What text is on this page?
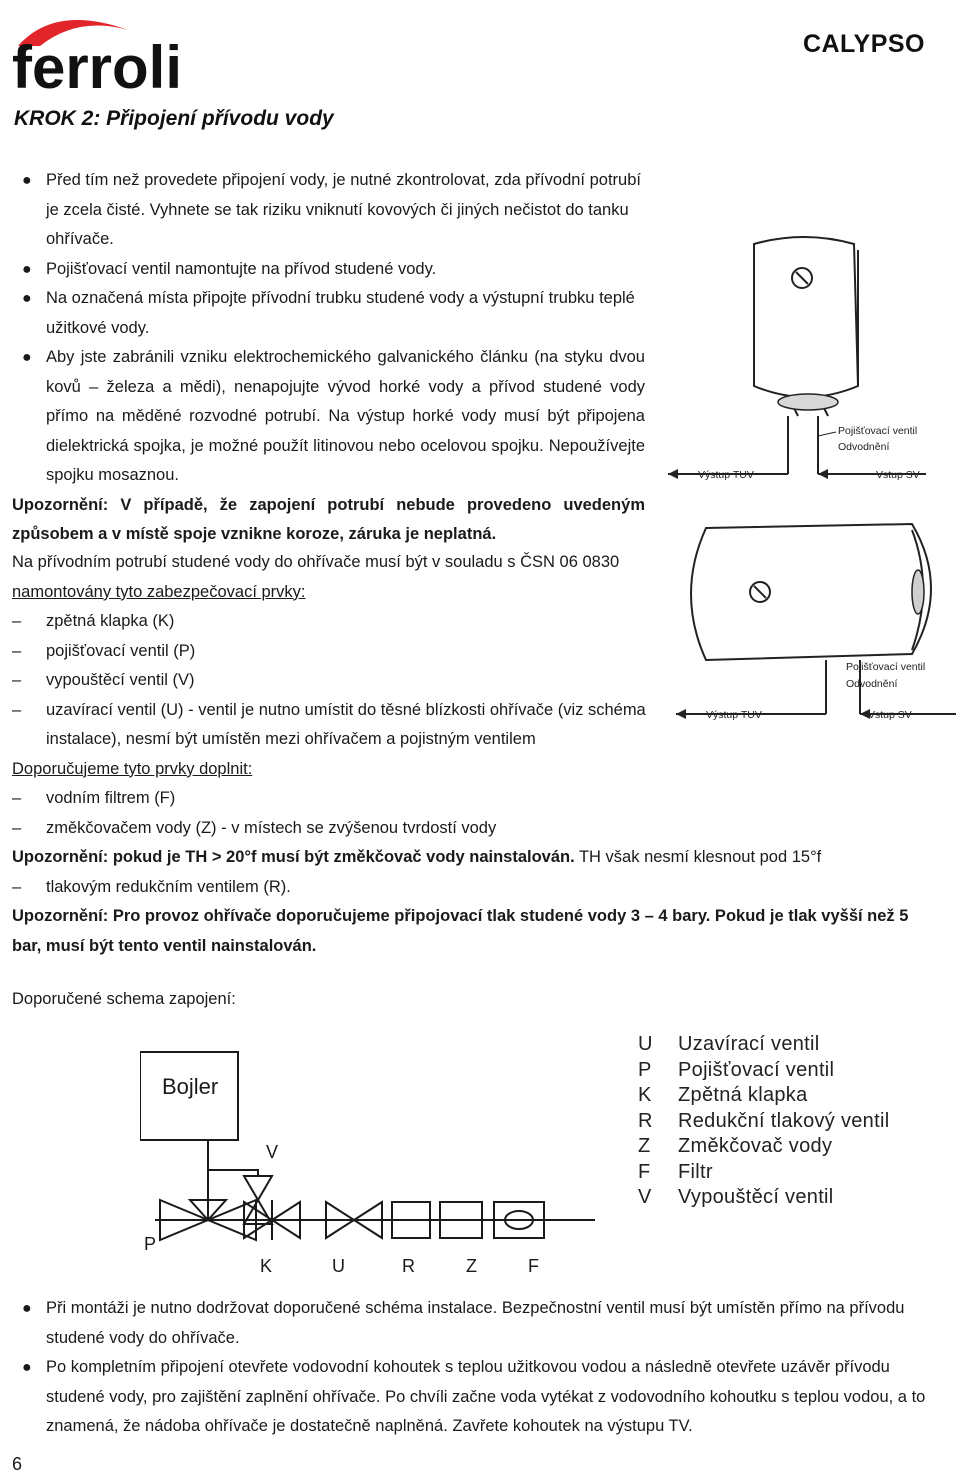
ferroli	CALYPSO
KROK 2: Připojení přívodu vody
● Před tím než provedete připojení vody, je nutné zkontrolovat, zda přívodní potrubí je zcela čisté. Vyhnete se tak riziku vniknutí kovových či jiných nečistot do tanku ohřívače.
● Pojišťovací ventil namontujte na přívod studené vody.
● Na označená místa připojte přívodní trubku studené vody a výstupní trubku teplé užitkové vody.
● Aby jste zabránili vzniku elektrochemického galvanického článku (na styku dvou kovů – železa a mědi), nenapojujte vývod horké vody a přívod studené vody přímo na měděné rozvodné potrubí. Na výstup horké vody musí být připojena dielektrická spojka, je možné použít litinovou nebo ocelovou spojku. Nepoužívejte spojku mosaznou.
Upozornění: V případě, že zapojení potrubí nebude provedeno uvedeným způsobem a v místě spoje vznikne koroze, záruka je neplatná.
Pojišťovací ventil
Odvodnění
Výstup TUV	Vstup SV
Pojišťovací ventil
Odvodnění
Výstup TUV	Vstup SV
Na přívodním potrubí studené vody do ohřívače musí být v souladu s ČSN 06 0830
namontovány tyto zabezpečovací prvky:
– zpětná klapka (K)
– pojišťovací ventil (P)
– vypouštěcí ventil (V)
– uzavírací ventil (U) - ventil je nutno umístit do těsné blízkosti ohřívače (viz schéma instalace), nesmí být umístěn mezi ohřívačem a pojistným ventilem
Doporučujeme tyto prvky doplnit:
– vodním filtrem (F)
– změkčovačem vody (Z) - v místech se zvýšenou tvrdostí vody
Upozornění: pokud je TH > 20°f musí být změkčovač vody nainstalován. TH však nesmí klesnout pod 15°f
– tlakovým redukčním ventilem (R).
Upozornění: Pro provoz ohřívače doporučujeme připojovací tlak studené vody 3 – 4 bary. Pokud je tlak vyšší než 5 bar, musí být tento ventil nainstalován.
Doporučené schema zapojení:
Bojler
V
P
K	U	R	Z	F
U Uzavírací ventil
P Pojišťovací ventil
K Zpětná klapka
R Redukční tlakový ventil
Z Změkčovač vody
F Filtr
V Vypouštěcí ventil
● Při montáži je nutno dodržovat doporučené schéma instalace. Bezpečnostní ventil musí být umístěn přímo na přívodu studené vody do ohřívače.
● Po kompletním připojení otevřete vodovodní kohoutek s teplou užitkovou vodou a následně otevřete uzávěr přívodu studené vody, pro zajištění zaplnění ohřívače. Po chvíli začne voda vytékat z vodovodního kohoutku s teplou vodou, a to znamená, že nádoba ohřívače je dostatečně naplněná. Zavřete kohoutek na výstupu TV.
6
